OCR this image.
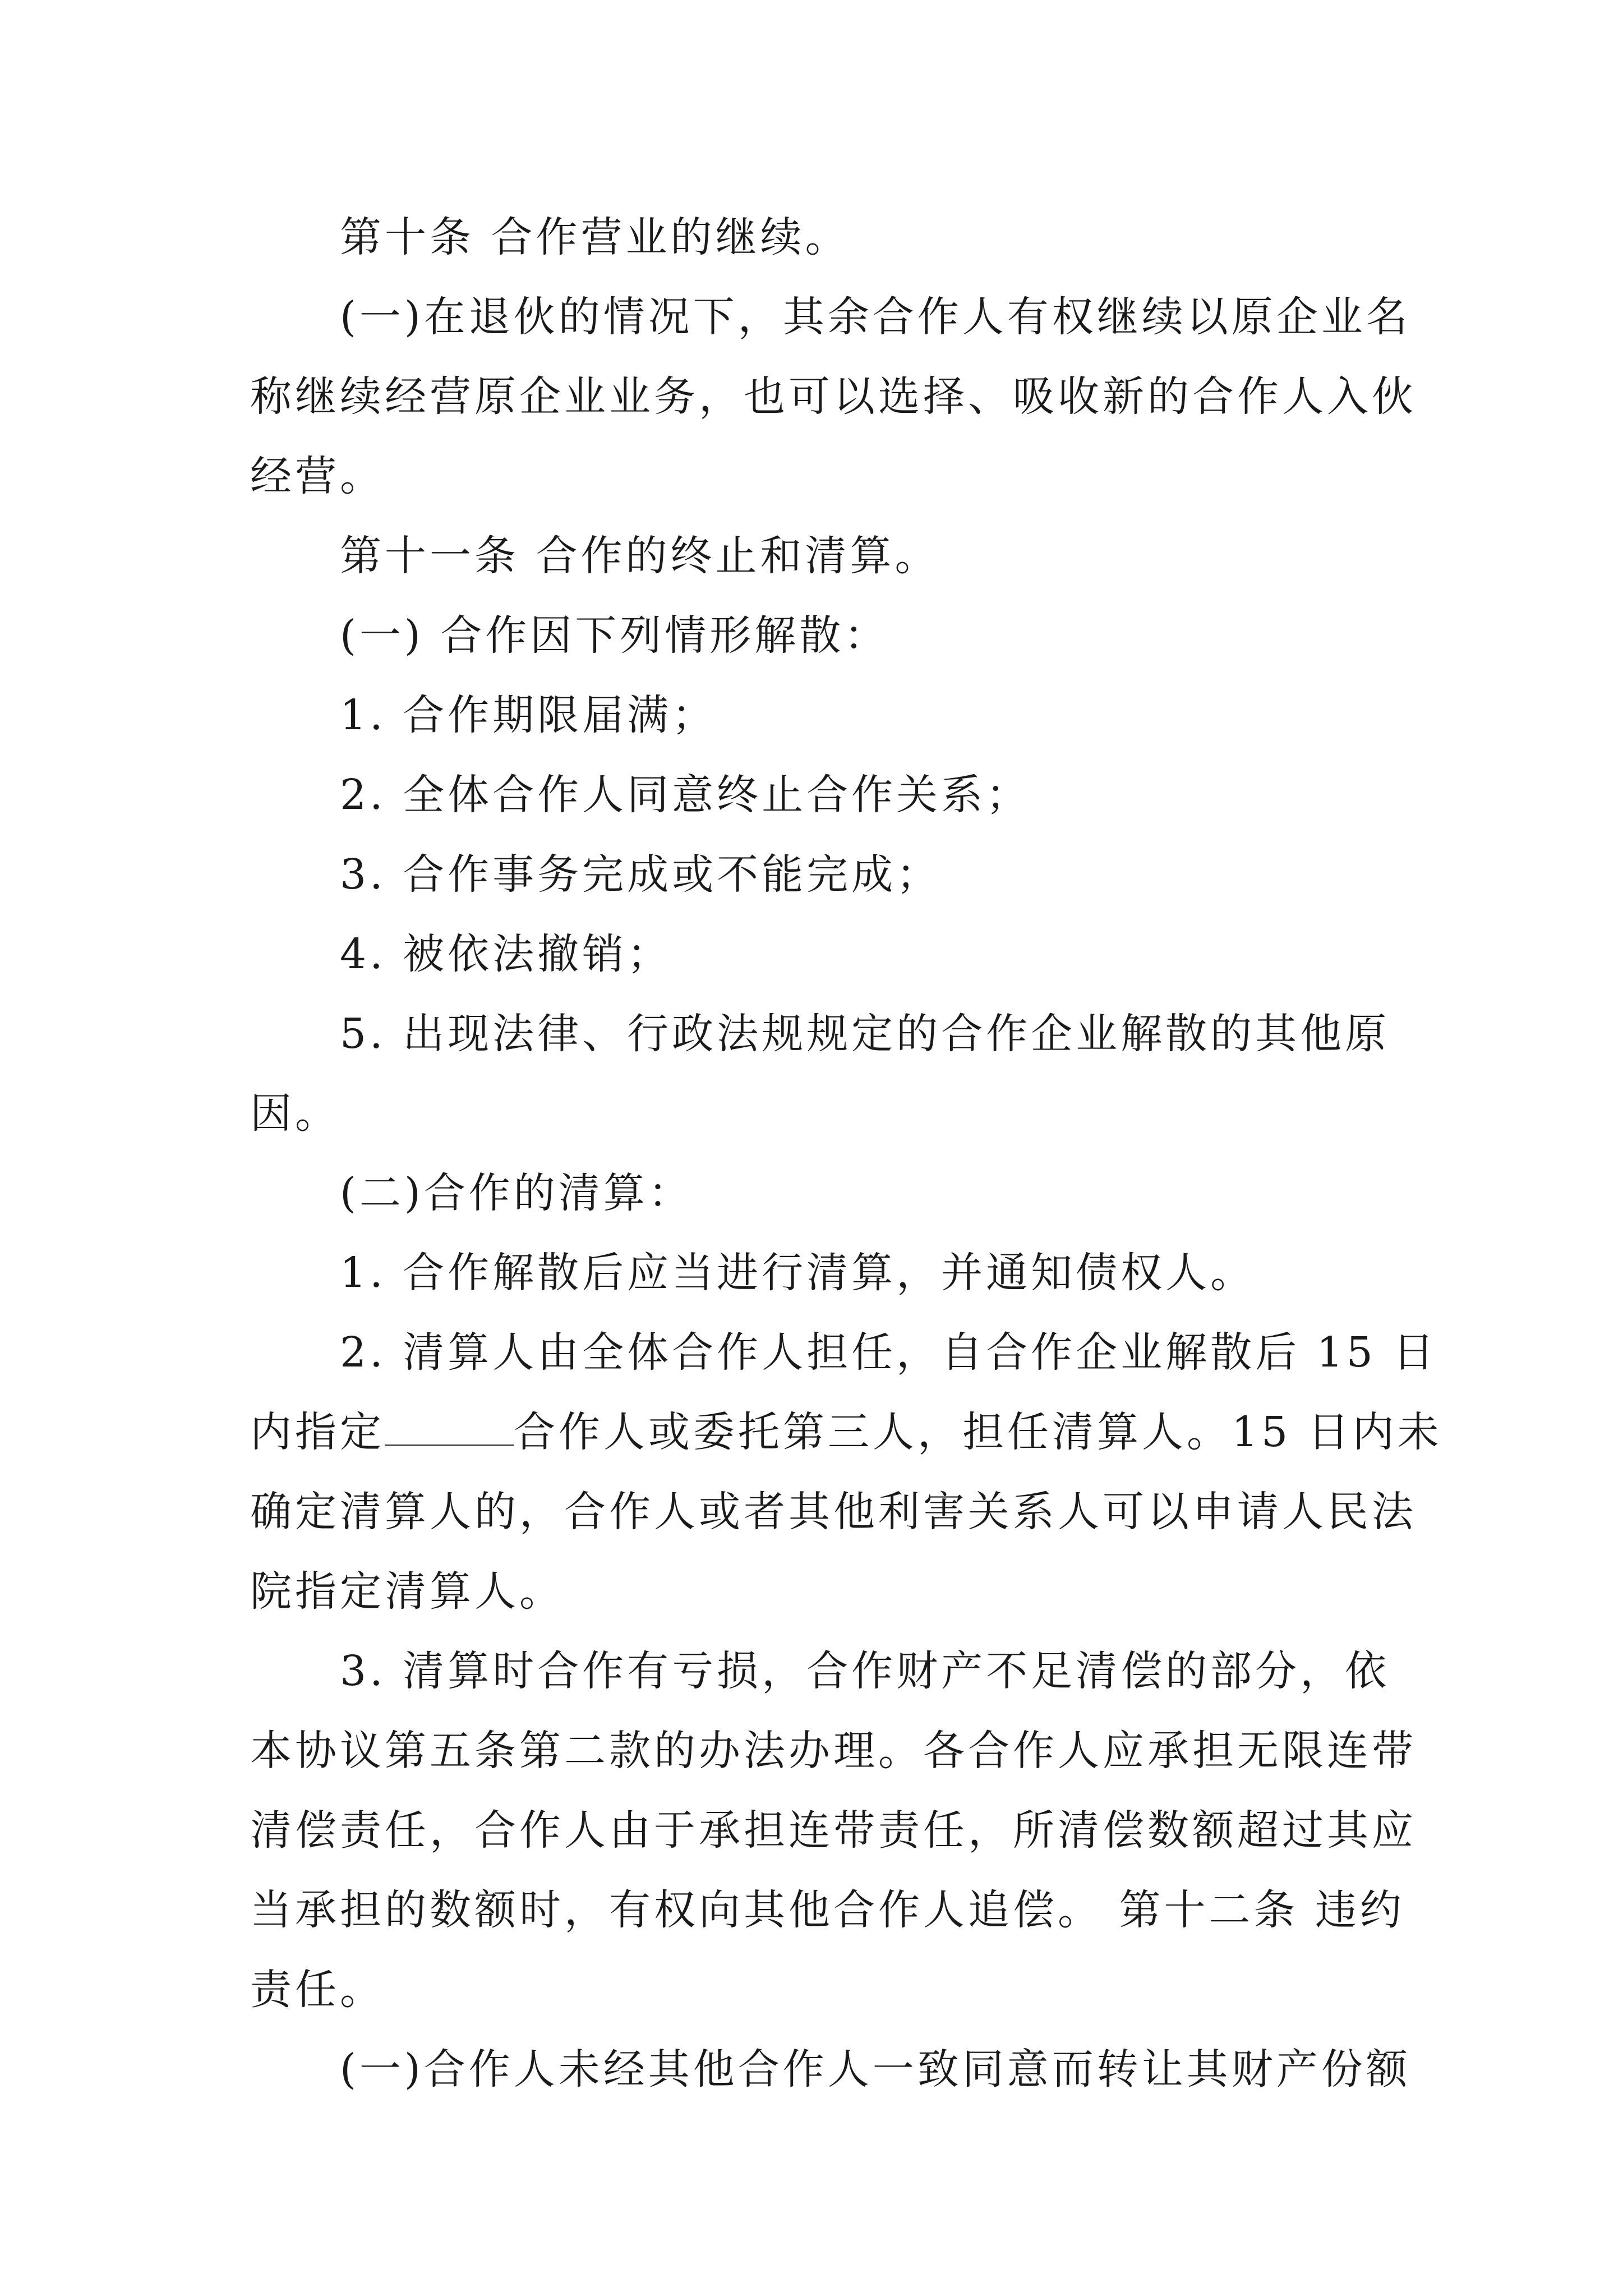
第十条 合作营业的继续。
(一)在退伙的情况下，其余合作人有权继续以原企业名
称继续经营原企业业务，也可以选择、吸收新的合作人入伙
经营。
第十一条 合作的终止和清算。
(一) 合作因下列情形解散：
1. 合作期限届满；
2. 全体合作人同意终止合作关系；
3. 合作事务完成或不能完成；
4. 被依法撤销；
5. 出现法律、行政法规规定的合作企业解散的其他原
因。
(二)合作的清算：
1. 合作解散后应当进行清算，并通知债权人。
2. 清算人由全体合作人担任，自合作企业解散后 15 日
内指定	合作人或委托第三人，担任清算人。15 日内未
确定清算人的，合作人或者其他利害关系人可以申请人民法
院指定清算人。
3. 清算时合作有亏损，合作财产不足清偿的部分，依
本协议第五条第二款的办法办理。各合作人应承担无限连带
清偿责任，合作人由于承担连带责任，所清偿数额超过其应
当承担的数额时，有权向其他合作人追偿。 第十二条 违约
责任。
(一)合作人未经其他合作人一致同意而转让其财产份额
